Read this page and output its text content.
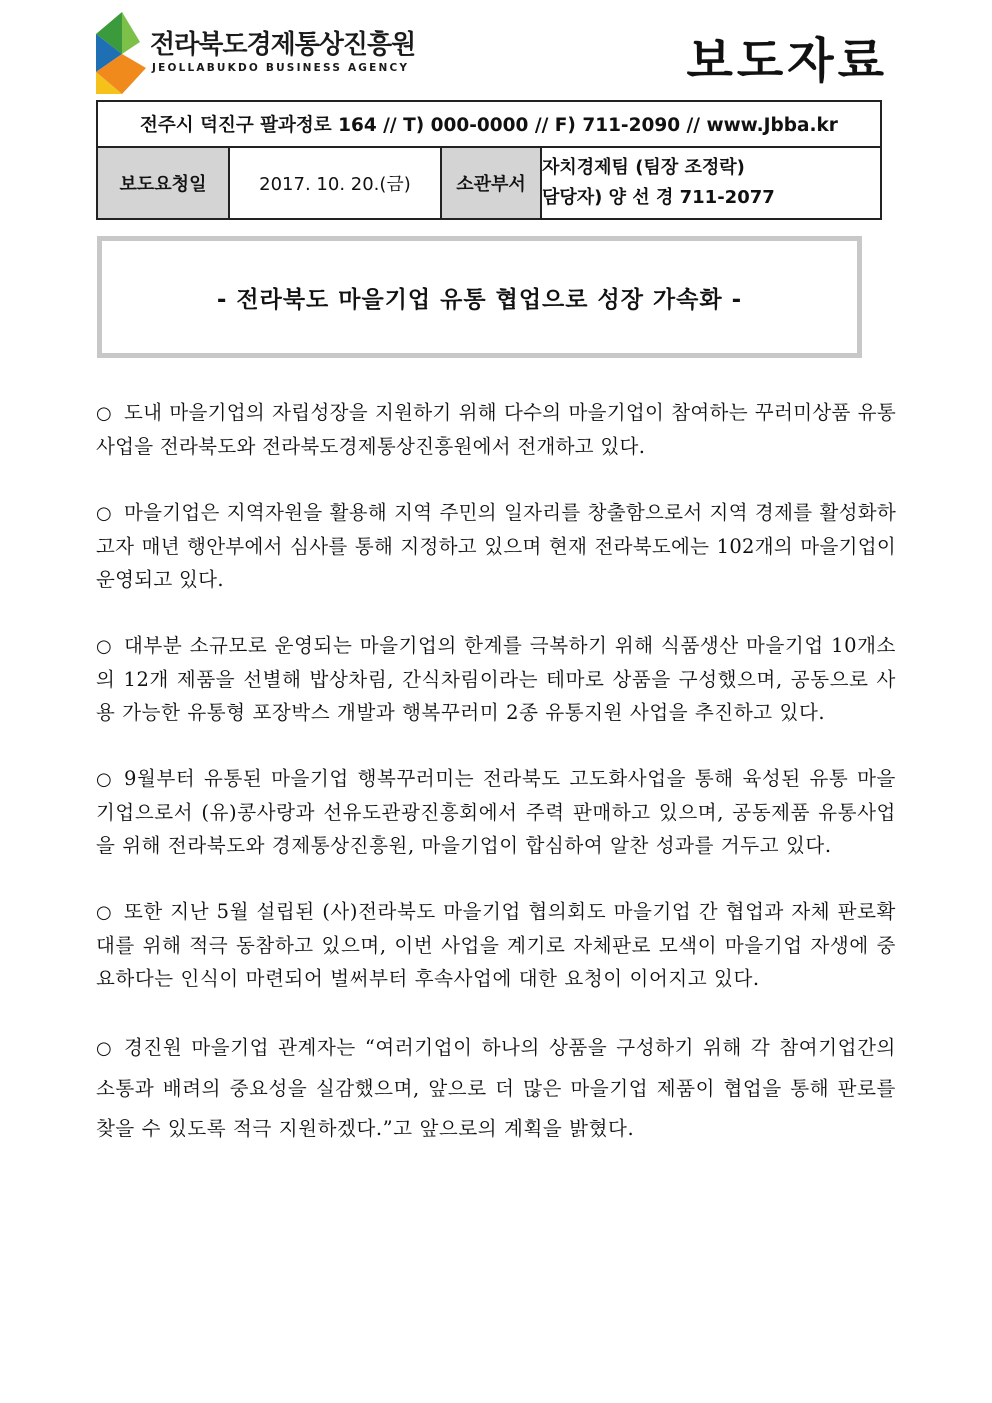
전라북도경제통상진흥원
JEOLLABUKDO BUSINESS AGENCY	보도자료
전주시 덕진구 팔과정로 164 // T) 000-0000 // F) 711-2090 // www.Jbba.kr
보도요청일	2017. 10. 20.(금)	소관부서	
자치경제팀 (팀장 조정락)
담당자) 양 선 경 711-2077
- 전라북도 마을기업 유통 협업으로 성장 가속화 -

○ 도내 마을기업의 자립성장을 지원하기 위해 다수의 마을기업이 참여하는 꾸러미상품 유통사업을 전라북도와 전라북도경제통상진흥원에서 전개하고 있다.

○ 마을기업은 지역자원을 활용해 지역 주민의 일자리를 창출함으로서 지역 경제를 활성화하고자 매년 행안부에서 심사를 통해 지정하고 있으며 현재 전라북도에는 102개의 마을기업이 운영되고 있다.

○ 대부분 소규모로 운영되는 마을기업의 한계를 극복하기 위해 식품생산 마을기업 10개소의 12개 제품을 선별해 밥상차림, 간식차림이라는 테마로 상품을 구성했으며, 공동으로 사용 가능한 유통형 포장박스 개발과 행복꾸러미 2종 유통지원 사업을 추진하고 있다.

○ 9월부터 유통된 마을기업 행복꾸러미는 전라북도 고도화사업을 통해 육성된 유통 마을기업으로서 (유)콩사랑과 선유도관광진흥회에서 주력 판매하고 있으며, 공동제품 유통사업을 위해 전라북도와 경제통상진흥원, 마을기업이 합심하여 알찬 성과를 거두고 있다.

○ 또한 지난 5월 설립된 (사)전라북도 마을기업 협의회도 마을기업 간 협업과 자체 판로확대를 위해 적극 동참하고 있으며, 이번 사업을 계기로 자체판로 모색이 마을기업 자생에 중요하다는 인식이 마련되어 벌써부터 후속사업에 대한 요청이 이어지고 있다.

○ 경진원 마을기업 관계자는 “여러기업이 하나의 상품을 구성하기 위해 각 참여기업간의 소통과 배려의 중요성을 실감했으며, 앞으로 더 많은 마을기업 제품이 협업을 통해 판로를 찾을 수 있도록 적극 지원하겠다.”고 앞으로의 계획을 밝혔다.
